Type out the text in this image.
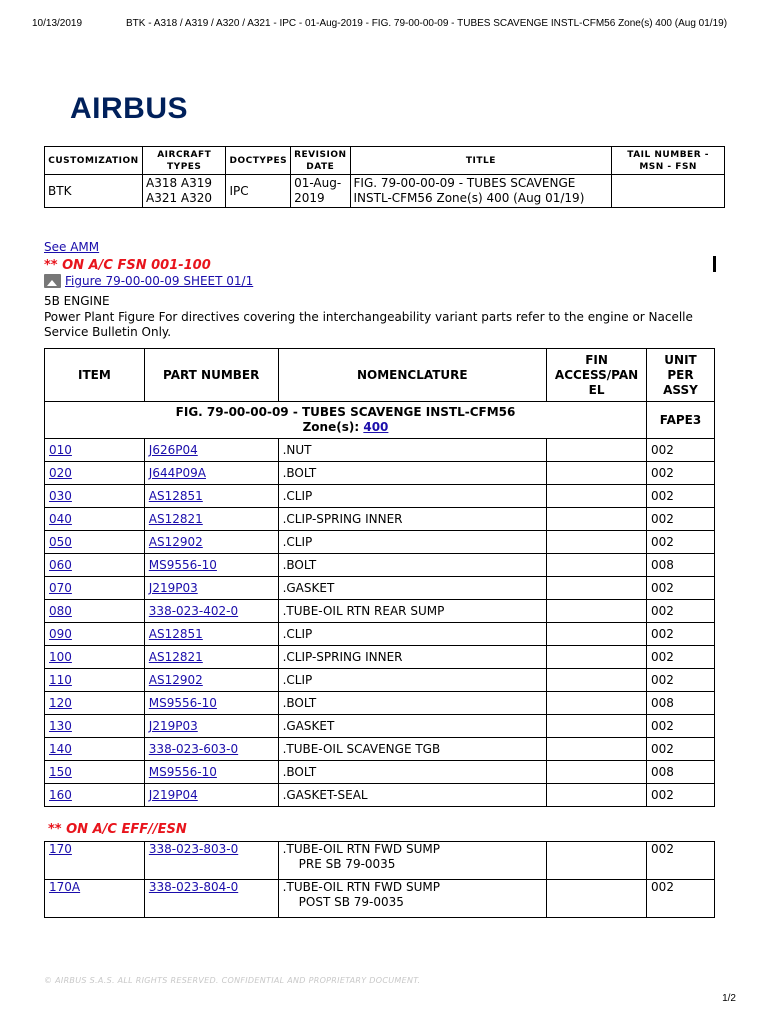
10/13/2019	BTK - A318 / A319 / A320 / A321 - IPC - 01-Aug-2019 - FIG. 79-00-00-09 - TUBES SCAVENGE INSTL-CFM56 Zone(s) 400 (Aug 01/19)
AIRBUS
CUSTOMIZATION	AIRCRAFT TYPES	DOCTYPES	REVISION DATE	TITLE	TAIL NUMBER - MSN - FSN
BTK	A318 A319 A321 A320	IPC	01-Aug-2019	FIG. 79-00-00-09 - TUBES SCAVENGE INSTL-CFM56 Zone(s) 400 (Aug 01/19)	
See AMM
** ON A/C FSN 001-100
Figure 79-00-00-09 SHEET 01/1
5B ENGINE
Power Plant Figure For directives covering the interchangeability variant parts refer to the engine or Nacelle Service Bulletin Only.
FIG. 79-00-00-09 - TUBES SCAVENGE INSTL-CFM56
Zone(s): 400				FAPE3
ITEM	PART NUMBER	NOMENCLATURE	FIN ACCESS/PAN EL	UNIT PER ASSY
010	J626P04	.NUT		002
020	J644P09A	.BOLT		002
030	AS12851	.CLIP		002
040	AS12821	.CLIP-SPRING INNER		002
050	AS12902	.CLIP		002
060	MS9556-10	.BOLT		008
070	J219P03	.GASKET		002
080	338-023-402-0	.TUBE-OIL RTN REAR SUMP		002
090	AS12851	.CLIP		002
100	AS12821	.CLIP-SPRING INNER		002
110	AS12902	.CLIP		002
120	MS9556-10	.BOLT		008
130	J219P03	.GASKET		002
140	338-023-603-0	.TUBE-OIL SCAVENGE TGB		002
150	MS9556-10	.BOLT		008
160	J219P04	.GASKET-SEAL		002
** ON A/C EFF//ESN
170	338-023-803-0	.TUBE-OIL RTN FWD SUMP
PRE SB 79-0035		002
170A	338-023-804-0	.TUBE-OIL RTN FWD SUMP
POST SB 79-0035		002
© AIRBUS S.A.S. ALL RIGHTS RESERVED. CONFIDENTIAL AND PROPRIETARY DOCUMENT.
1/2
